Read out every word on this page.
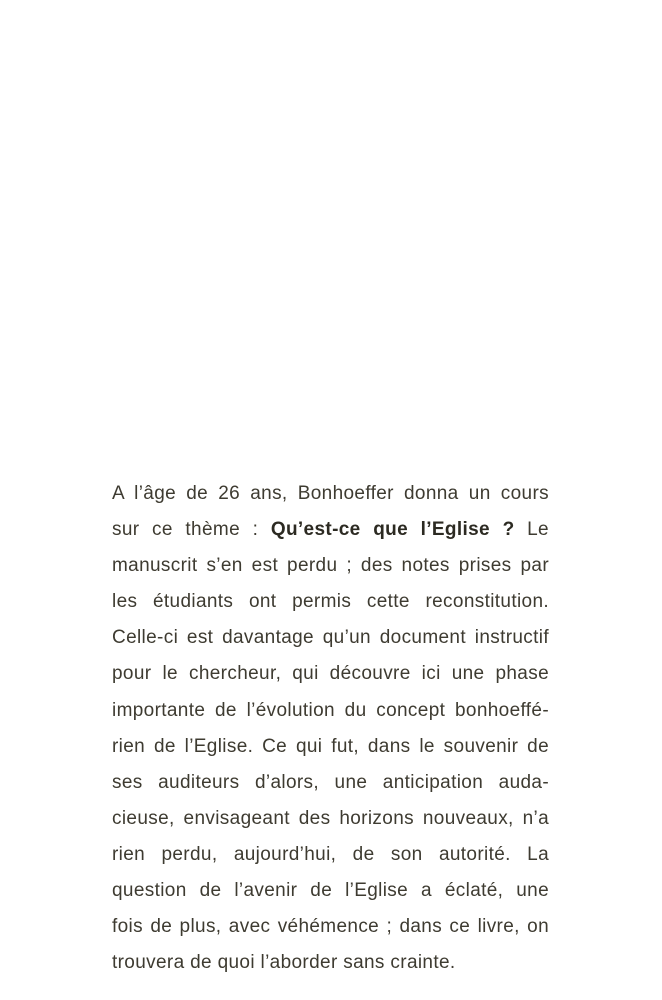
A l’âge de 26 ans, Bonhoeffer donna un cours
sur ce thème : Qu’est-ce que l’Eglise ? Le
manuscrit s’en est perdu ; des notes prises par
les étudiants ont permis cette reconstitution.
Celle-ci est davantage qu’un document instructif
pour le chercheur, qui découvre ici une phase
importante de l’évolution du concept bonhoeffé-
rien de l’Eglise. Ce qui fut, dans le souvenir de
ses auditeurs d’alors, une anticipation auda-
cieuse, envisageant des horizons nouveaux, n’a
rien perdu, aujourd’hui, de son autorité. La
question de l’avenir de l’Eglise a éclaté, une
fois de plus, avec véhémence ; dans ce livre, on
trouvera de quoi l’aborder sans crainte.
